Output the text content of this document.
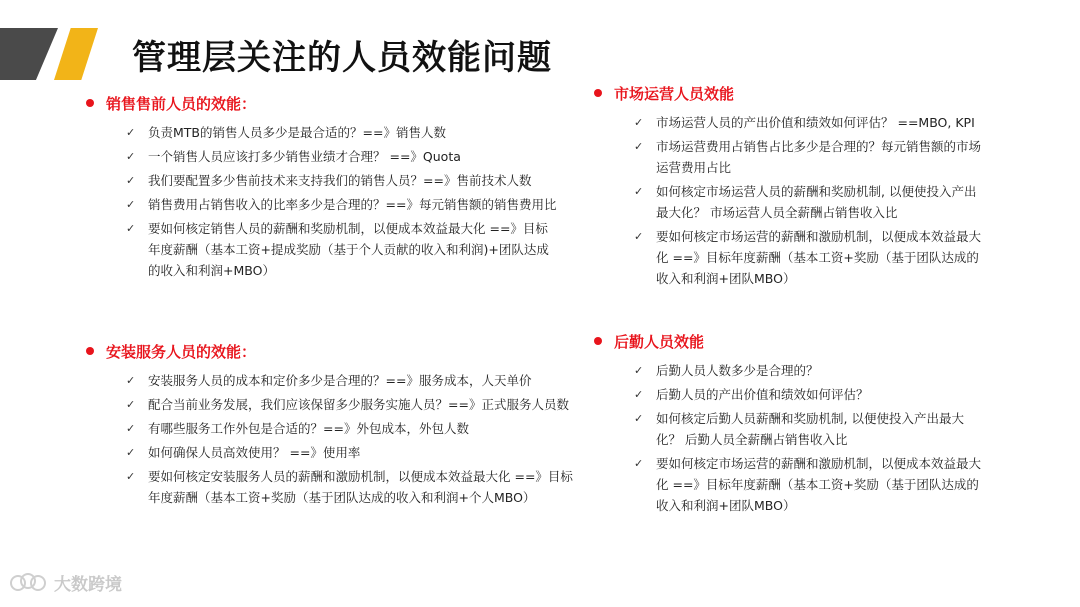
管理层关注的人员效能问题
销售售前人员的效能：
✓	负责MTB的销售人员多少是最合适的？==》销售人数
✓	一个销售人员应该打多少销售业绩才合理？ ==》Quota
✓	我们要配置多少售前技术来支持我们的销售人员？==》售前技术人数
✓	销售费用占销售收入的比率多少是合理的？==》每元销售额的销售费用比
✓	要如何核定销售人员的薪酬和奖励机制，以便成本效益最大化 ==》目标年度薪酬（基本工资+提成奖励（基于个人贡献的收入和利润)+团队达成的收入和利润+MBO）
安装服务人员的效能：
✓	安装服务人员的成本和定价多少是合理的？==》服务成本，人天单价
✓	配合当前业务发展，我们应该保留多少服务实施人员？==》正式服务人员数
✓	有哪些服务工作外包是合适的？==》外包成本，外包人数
✓	如何确保人员高效使用？ ==》使用率
✓	要如何核定安装服务人员的薪酬和激励机制，以便成本效益最大化 ==》目标年度薪酬（基本工资+奖励（基于团队达成的收入和利润+个人MBO）
市场运营人员效能
✓	市场运营人员的产出价值和绩效如何评估？ ==MBO, KPI
✓	市场运营费用占销售占比多少是合理的？每元销售额的市场运营费用占比
✓	如何核定市场运营人员的薪酬和奖励机制, 以便使投入产出最大化？ 市场运营人员全薪酬占销售收入比
✓	要如何核定市场运营的薪酬和激励机制，以便成本效益最大化 ==》目标年度薪酬（基本工资+奖励（基于团队达成的收入和利润+团队MBO）
后勤人员效能
✓	后勤人员人数多少是合理的？
✓	后勤人员的产出价值和绩效如何评估？
✓	如何核定后勤人员薪酬和奖励机制, 以便使投入产出最大化？ 后勤人员全薪酬占销售收入比
✓	要如何核定市场运营的薪酬和激励机制，以便成本效益最大化 ==》目标年度薪酬（基本工资+奖励（基于团队达成的收入和利润+团队MBO）
大数跨境
